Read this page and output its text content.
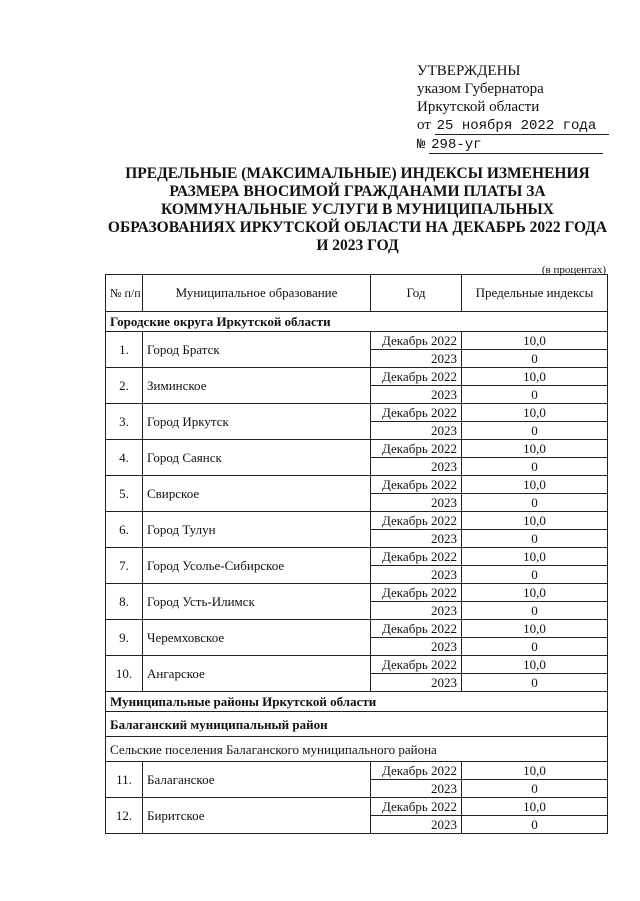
УТВЕРЖДЕНЫ
указом Губернатора
Иркутской области
от 25 ноября 2022 года
№ 298-уг
ПРЕДЕЛЬНЫЕ (МАКСИМАЛЬНЫЕ) ИНДЕКСЫ ИЗМЕНЕНИЯ РАЗМЕРА ВНОСИМОЙ ГРАЖДАНАМИ ПЛАТЫ ЗА КОММУНАЛЬНЫЕ УСЛУГИ В МУНИЦИПАЛЬНЫХ ОБРАЗОВАНИЯХ ИРКУТСКОЙ ОБЛАСТИ НА ДЕКАБРЬ 2022 ГОДА И 2023 ГОД
(в процентах)
№ п/п	Муниципальное образование	Год	Предельные индексы
Городские округа Иркутской области			
1.	Город Братск	Декабрь 2022	10,0
		2023	0
2.	Зиминское	Декабрь 2022	10,0
		2023	0
3.	Город Иркутск	Декабрь 2022	10,0
		2023	0
4.	Город Саянск	Декабрь 2022	10,0
		2023	0
5.	Свирское	Декабрь 2022	10,0
		2023	0
6.	Город Тулун	Декабрь 2022	10,0
		2023	0
7.	Город Усолье-Сибирское	Декабрь 2022	10,0
		2023	0
8.	Город Усть-Илимск	Декабрь 2022	10,0
		2023	0
9.	Черемховское	Декабрь 2022	10,0
		2023	0
10.	Ангарское	Декабрь 2022	10,0
		2023	0
Муниципальные районы Иркутской области			
Балаганский муниципальный район			
Сельские поселения Балаганского муниципального района			
11.	Балаганское	Декабрь 2022	10,0
		2023	0
12.	Биритское	Декабрь 2022	10,0
		2023	0
